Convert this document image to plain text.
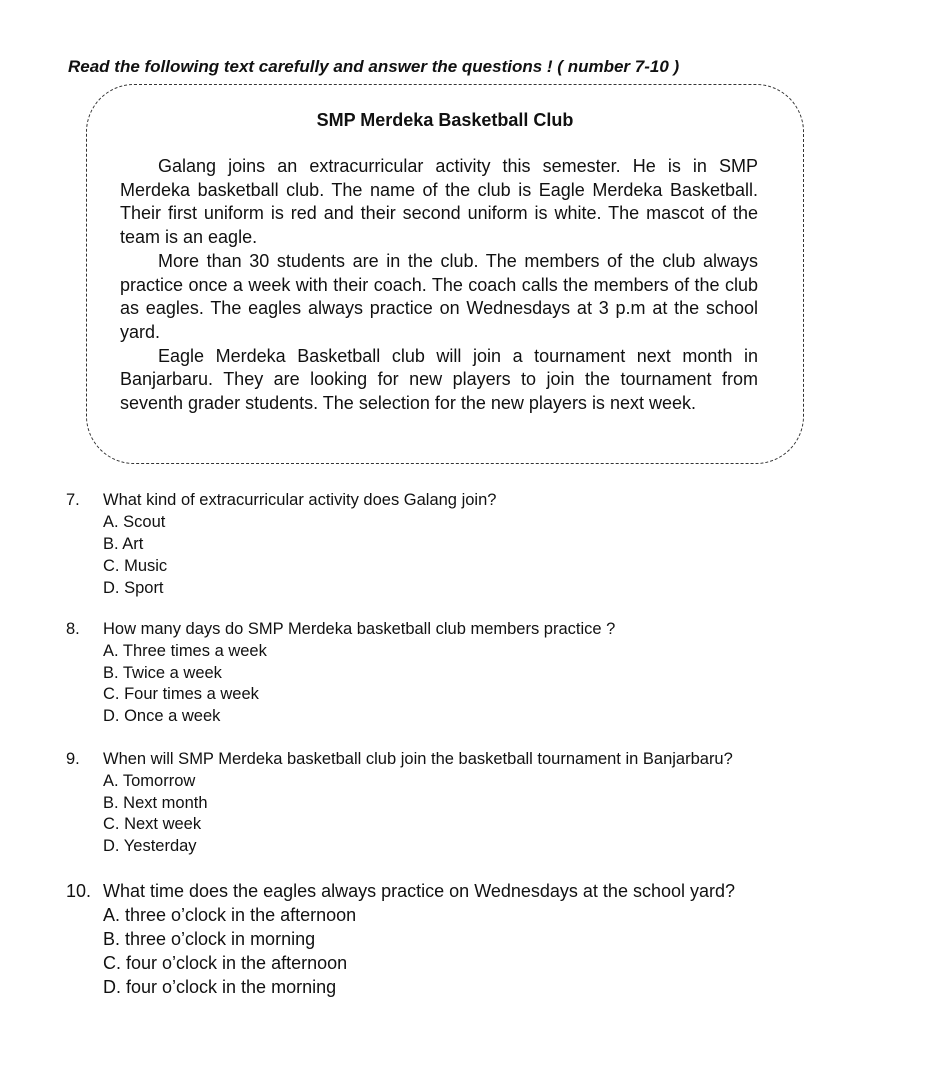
Read the following text carefully and answer the questions ! ( number 7-10 )
SMP Merdeka Basketball Club

Galang joins an extracurricular activity this semester. He is in SMP Merdeka basketball club. The name of the club is Eagle Merdeka Basketball. Their first uniform is red and their second uniform is white. The mascot of the team is an eagle.

More than 30 students are in the club. The members of the club always practice once a week with their coach. The coach calls the members of the club as eagles. The eagles always practice on Wednesdays at 3 p.m at the school yard.

Eagle Merdeka Basketball club will join a tournament next month in Banjarbaru. They are looking for new players to join the tournament from seventh grader students. The selection for the new players is next week.

7.	What kind of extracurricular activity does Galang join?
A. Scout
B. Art
C. Music
D. Sport
8.	How many days do SMP Merdeka basketball club members practice ?
A. Three times a week
B. Twice a week
C. Four times a week
D. Once a week
9.	When will SMP Merdeka basketball club join the basketball tournament in Banjarbaru?
A. Tomorrow
B. Next month
C. Next week
D. Yesterday
10. What time does the eagles always practice on Wednesdays at the school yard?
A. three o’clock in the afternoon
B. three o’clock in morning
C. four o’clock in the afternoon
D. four o’clock in the morning
